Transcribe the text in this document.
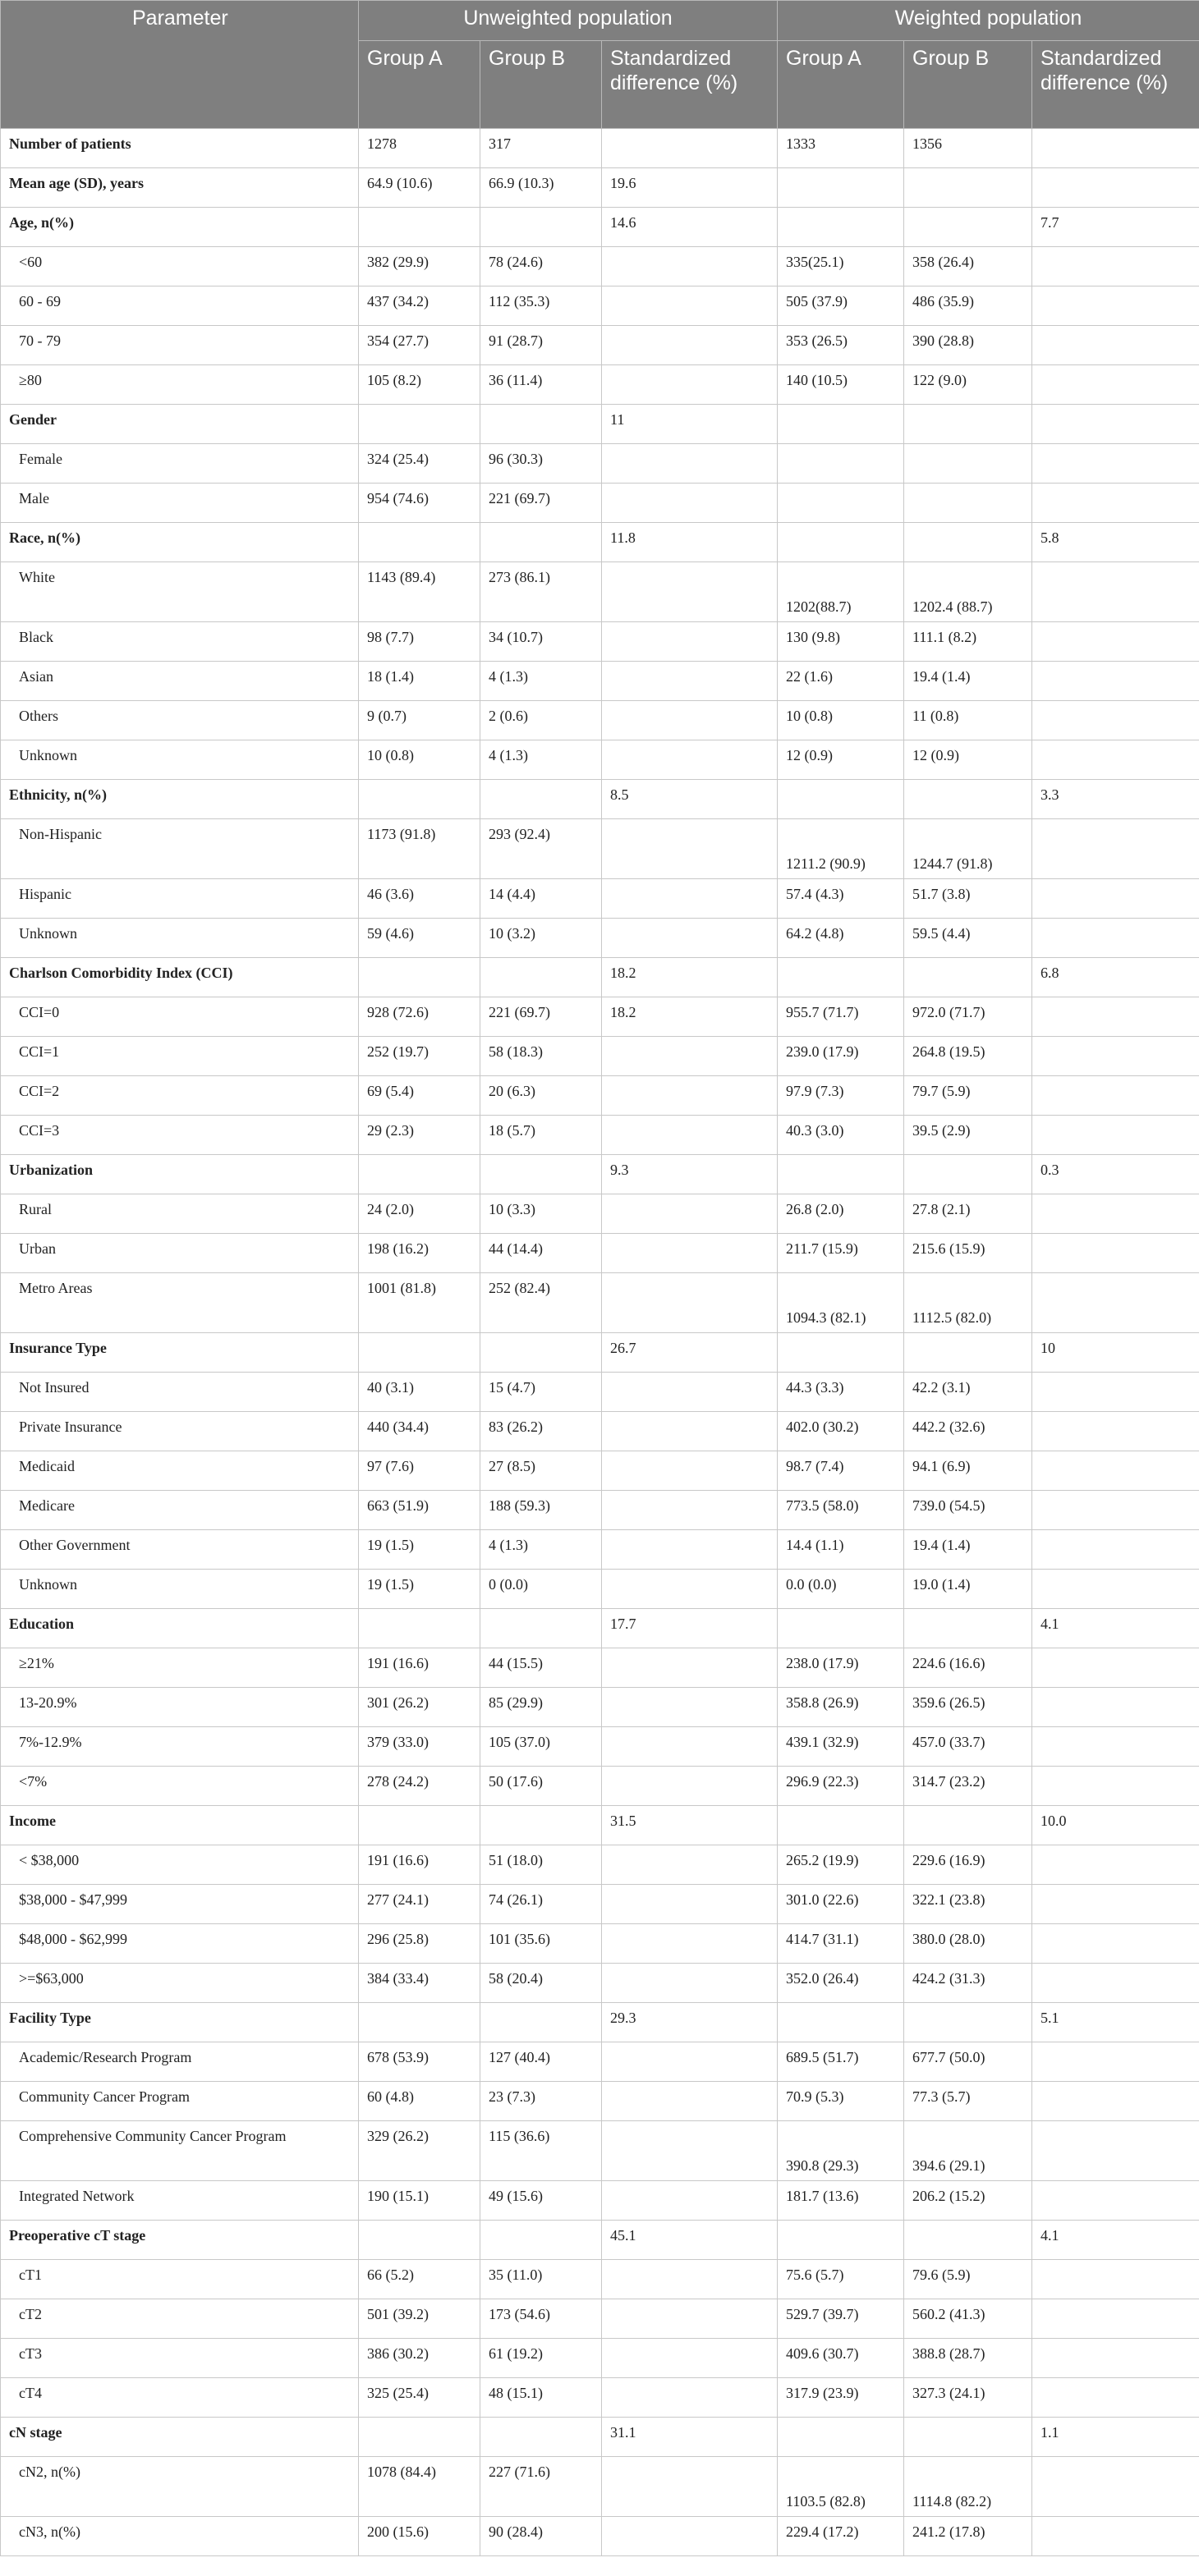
Parameter	Unweighted population			Weighted population		
	Group A	Group B	Standardized difference (%)	Group A	Group B	Standardized difference (%)
Number of patients	1278	317		1333	1356	
Mean age (SD), years	64.9 (10.6)	66.9 (10.3)	19.6			
Age, n(%)			14.6			7.7
<60	382 (29.9)	78 (24.6)		335(25.1)	358 (26.4)	
60 - 69	437 (34.2)	112 (35.3)		505 (37.9)	486 (35.9)	
70 - 79	354 (27.7)	91 (28.7)		353 (26.5)	390 (28.8)	
≥80	105 (8.2)	36 (11.4)		140 (10.5)	122 (9.0)	
Gender			11			
Female	324 (25.4)	96 (30.3)				
Male	954 (74.6)	221 (69.7)				
Race, n(%)			11.8			5.8
White	1143 (89.4)	273 (86.1)		1202(88.7)	1202.4 (88.7)	
Black	98 (7.7)	34 (10.7)		130 (9.8)	111.1 (8.2)	
Asian	18 (1.4)	4 (1.3)		22 (1.6)	19.4 (1.4)	
Others	9 (0.7)	2 (0.6)		10 (0.8)	11 (0.8)	
Unknown	10 (0.8)	4 (1.3)		12 (0.9)	12 (0.9)	
Ethnicity, n(%)			8.5			3.3
Non-Hispanic	1173 (91.8)	293 (92.4)		1211.2 (90.9)	1244.7 (91.8)	
Hispanic	46 (3.6)	14 (4.4)		57.4 (4.3)	51.7 (3.8)	
Unknown	59 (4.6)	10 (3.2)		64.2 (4.8)	59.5 (4.4)	
Charlson Comorbidity Index (CCI)			18.2			6.8
CCI=0	928 (72.6)	221 (69.7)	18.2	955.7 (71.7)	972.0 (71.7)	
CCI=1	252 (19.7)	58 (18.3)		239.0 (17.9)	264.8 (19.5)	
CCI=2	69 (5.4)	20 (6.3)		97.9 (7.3)	79.7 (5.9)	
CCI=3	29 (2.3)	18 (5.7)		40.3 (3.0)	39.5 (2.9)	
Urbanization			9.3			0.3
Rural	24 (2.0)	10 (3.3)		26.8 (2.0)	27.8 (2.1)	
Urban	198 (16.2)	44 (14.4)		211.7 (15.9)	215.6 (15.9)	
Metro Areas	1001 (81.8)	252 (82.4)		1094.3 (82.1)	1112.5 (82.0)	
Insurance Type			26.7			10
Not Insured	40 (3.1)	15 (4.7)		44.3 (3.3)	42.2 (3.1)	
Private Insurance	440 (34.4)	83 (26.2)		402.0 (30.2)	442.2 (32.6)	
Medicaid	97 (7.6)	27 (8.5)		98.7 (7.4)	94.1 (6.9)	
Medicare	663 (51.9)	188 (59.3)		773.5 (58.0)	739.0 (54.5)	
Other Government	19 (1.5)	4 (1.3)		14.4 (1.1)	19.4 (1.4)	
Unknown	19 (1.5)	0 (0.0)		0.0 (0.0)	19.0 (1.4)	
Education			17.7			4.1
≥21%	191 (16.6)	44 (15.5)		238.0 (17.9)	224.6 (16.6)	
13-20.9%	301 (26.2)	85 (29.9)		358.8 (26.9)	359.6 (26.5)	
7%-12.9%	379 (33.0)	105 (37.0)		439.1 (32.9)	457.0 (33.7)	
<7%	278 (24.2)	50 (17.6)		296.9 (22.3)	314.7 (23.2)	
Income			31.5			10.0
< $38,000	191 (16.6)	51 (18.0)		265.2 (19.9)	229.6 (16.9)	
$38,000 - $47,999	277 (24.1)	74 (26.1)		301.0 (22.6)	322.1 (23.8)	
$48,000 - $62,999	296 (25.8)	101 (35.6)		414.7 (31.1)	380.0 (28.0)	
>=$63,000	384 (33.4)	58 (20.4)		352.0 (26.4)	424.2 (31.3)	
Facility Type			29.3			5.1
Academic/Research Program	678 (53.9)	127 (40.4)		689.5 (51.7)	677.7 (50.0)	
Community Cancer Program	60 (4.8)	23 (7.3)		70.9 (5.3)	77.3 (5.7)	
Comprehensive Community Cancer Program	329 (26.2)	115 (36.6)		390.8 (29.3)	394.6 (29.1)	
Integrated Network	190 (15.1)	49 (15.6)		181.7 (13.6)	206.2 (15.2)	
Preoperative cT stage			45.1			4.1
cT1	66 (5.2)	35 (11.0)		75.6 (5.7)	79.6 (5.9)	
cT2	501 (39.2)	173 (54.6)		529.7 (39.7)	560.2 (41.3)	
cT3	386 (30.2)	61 (19.2)		409.6 (30.7)	388.8 (28.7)	
cT4	325 (25.4)	48 (15.1)		317.9 (23.9)	327.3 (24.1)	
cN stage			31.1			1.1
cN2, n(%)	1078 (84.4)	227 (71.6)		1103.5 (82.8)	1114.8 (82.2)	
cN3, n(%)	200 (15.6)	90 (28.4)		229.4 (17.2)	241.2 (17.8)	
